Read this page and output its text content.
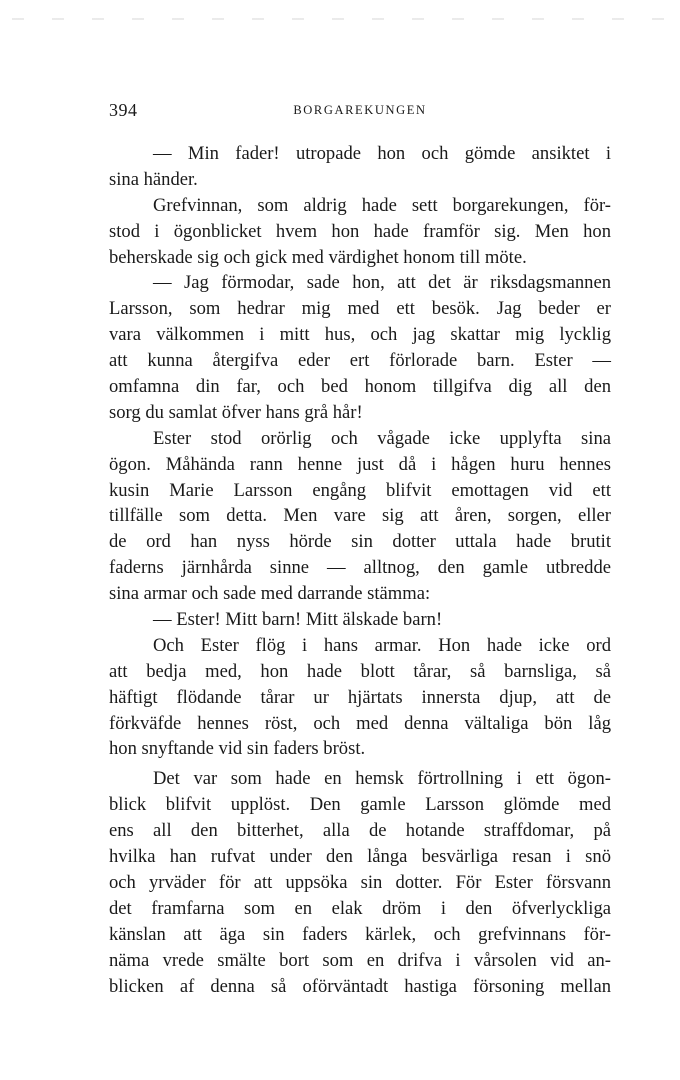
394	BORGAREKUNGEN
— Min fader! utropade hon och gömde ansiktet i
sina händer.
Grefvinnan, som aldrig hade sett borgarekungen, för-
stod i ögonblicket hvem hon hade framför sig. Men hon
beherskade sig och gick med värdighet honom till möte.
— Jag förmodar, sade hon, att det är riksdagsmannen
Larsson, som hedrar mig med ett besök. Jag beder er
vara välkommen i mitt hus, och jag skattar mig lycklig
att kunna återgifva eder ert förlorade barn. Ester —
omfamna din far, och bed honom tillgifva dig all den
sorg du samlat öfver hans grå hår!
Ester stod orörlig och vågade icke upplyfta sina
ögon. Måhända rann henne just då i hågen huru hennes
kusin Marie Larsson engång blifvit emottagen vid ett
tillfälle som detta. Men vare sig att åren, sorgen, eller
de ord han nyss hörde sin dotter uttala hade brutit
faderns järnhårda sinne — alltnog, den gamle utbredde
sina armar och sade med darrande stämma:
— Ester! Mitt barn! Mitt älskade barn!
Och Ester flög i hans armar. Hon hade icke ord
att bedja med, hon hade blott tårar, så barnsliga, så
häftigt flödande tårar ur hjärtats innersta djup, att de
förkväfde hennes röst, och med denna vältaliga bön låg
hon snyftande vid sin faders bröst.
Det var som hade en hemsk förtrollning i ett ögon-
blick blifvit upplöst. Den gamle Larsson glömde med
ens all den bitterhet, alla de hotande straffdomar, på
hvilka han rufvat under den långa besvärliga resan i snö
och yrväder för att uppsöka sin dotter. För Ester försvann
det framfarna som en elak dröm i den öfverlyckliga
känslan att äga sin faders kärlek, och grefvinnans för-
näma vrede smälte bort som en drifva i vårsolen vid an-
blicken af denna så oförväntadt hastiga försoning mellan
